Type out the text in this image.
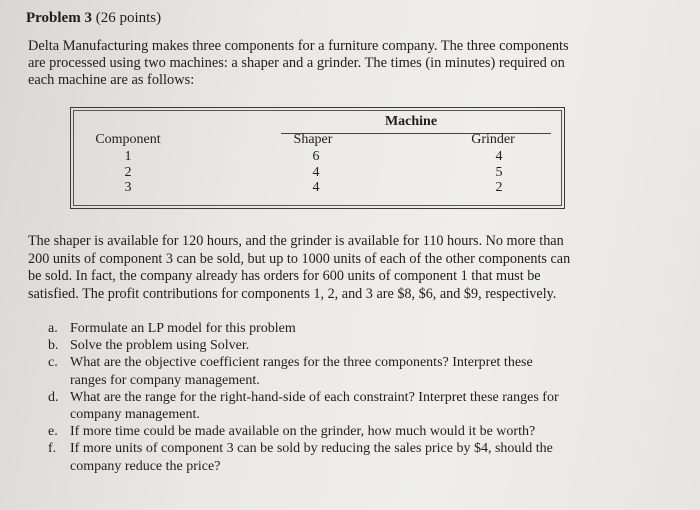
Problem 3 (26 points)
Delta Manufacturing makes three components for a furniture company. The three components
are processed using two machines: a shaper and a grinder. The times (in minutes) required on
each machine are as follows:
Machine
Component	Shaper	Grinder
1
2
3
6
4
4
4
5
2
The shaper is available for 120 hours, and the grinder is available for 110 hours. No more than
200 units of component 3 can be sold, but up to 1000 units of each of the other components can
be sold. In fact, the company already has orders for 600 units of component 1 that must be
satisfied. The profit contributions for components 1, 2, and 3 are $8, $6, and $9, respectively.
a. Formulate an LP model for this problem
b. Solve the problem using Solver.
c. What are the objective coefficient ranges for the three components? Interpret these
ranges for company management.
d. What are the range for the right-hand-side of each constraint? Interpret these ranges for
company management.
e. If more time could be made available on the grinder, how much would it be worth?
f. If more units of component 3 can be sold by reducing the sales price by $4, should the
company reduce the price?
